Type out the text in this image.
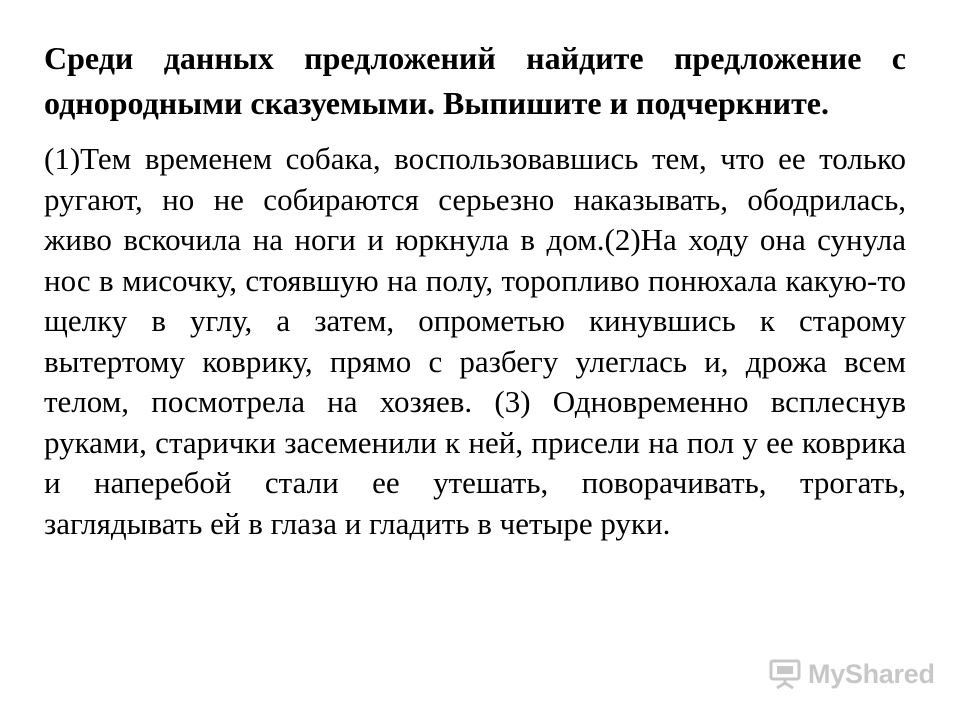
Среди данных предложений найдите предложение с однородными сказуемыми. Выпишите и подчеркните.

(1)Тем временем собака, воспользовавшись тем, что ее только ругают, но не собираются серьезно наказывать, ободрилась, живо вскочила на ноги и юркнула в дом.(2)На ходу она сунула нос в мисочку, стоявшую на полу, торопливо понюхала какую-то щелку в углу, а затем, опрометью кинувшись к старому вытертому коврику, прямо с разбегу улеглась и, дрожа всем телом, посмотрела на хозяев. (3) Одновременно всплеснув руками, старички засеменили к ней, присели на пол у ее коврика и наперебой стали ее утешать, поворачивать, трогать, заглядывать ей в глаза и гладить в четыре руки.

MyShared
